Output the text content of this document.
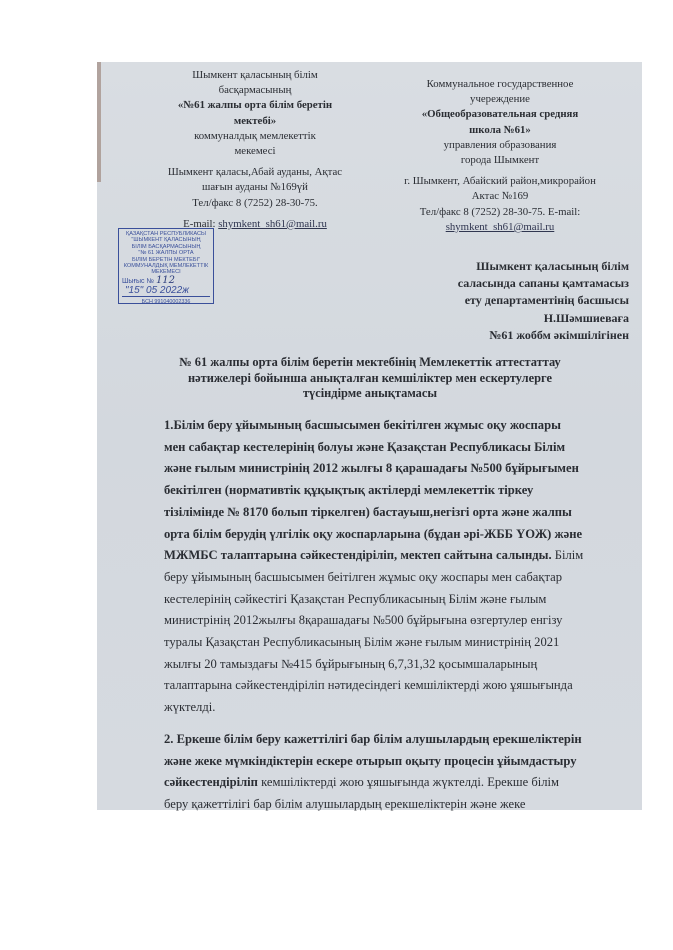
Шымкент қаласының білім
басқармасының
«№61 жалпы орта білім беретін
мектебі»
коммуналдық мемлекеттік
мекемесі
Шымкент қаласы,Абай ауданы, Ақтас
шағын ауданы №169үй
Тел/факс 8 (7252) 28-30-75.
E-mail: shymkent_sh61@mail.ru
Коммунальное государственное
учереждение
«Общеобразовательная средняя
школа №61»
управления образования
города Шымкент
г. Шымкент, Абайский район,микрорайон
Актас №169
Тел/факс 8 (7252) 28-30-75. E-mail:
shymkent_sh61@mail.ru
ҚАЗАҚСТАН РЕСПУБЛИКАСЫ
"ШЫМКЕНТ ҚАЛАСЫНЫҢ
БІЛІМ БАСҚАРМАСЫНЫҢ
"№ 61 ЖАЛПЫ ОРТА
БІЛІМ БЕРЕТІН МЕКТЕБІ"
КОММУНАЛДЫҚ МЕМЛЕКЕТТІК
МЕКЕМЕСІ
Шығыс № 112
"15" 05 2022ж
БСН 991040002336
Шымкент қаласының білім
саласында сапаны қамтамасыз
ету департаментінің басшысы
Н.Шәмшиеваға
№61 жоббм әкімшілігінен
№ 61 жалпы орта білім беретін мектебінің Мемлекеттік аттестаттау
нәтижелері бойынша анықталған кемшіліктер мен ескертулерге
түсіндірме анықтамасы
1.Білім беру ұйымының басшысымен бекітілген жұмыс оқу жоспары
мен сабақтар кестелерінің болуы және Қазақстан Республикасы Білім
және ғылым министрінің 2012 жылғы 8 қарашадағы №500 бұйрығымен
бекітілген (нормативтік құқықтық актілерді мемлекеттік тіркеу
тізілімінде № 8170 болып тіркелген) бастауыш,негізгі орта және жалпы
орта білім берудің үлгілік оқу жоспарларына (бұдан әрі-ЖББ ҮОЖ) және
МЖМБС талаптарына сәйкестендіріліп, мектеп сайтына салынды. Білім
беру ұйымының басшысымен беітілген жұмыс оқу жоспары мен сабақтар
кестелерінің сәйкестігі Қазақстан Республикасының Білім және ғылым
министрінің 2012жылғы 8қарашадағы №500 бұйрығына өзгертулер енгізу
туралы Қазақстан Республикасының Білім және ғылым министрінің 2021
жылғы 20 тамыздағы №415 бұйрығының 6,7,31,32 қосымшаларының
талаптарына сәйкестендіріліп нәтидесіндегі кемшіліктерді жою ұяшығында
жүктелді.
2. Еркеше білім беру кажеттілігі бар білім алушылардың ерекшеліктерін
және жеке мүмкіндіктерін ескере отырып оқыту процесін ұйымдастыру
сәйкестендіріліп кемшіліктерді жою ұяшығында жүктелді. Ерекше білім
беру қажеттілігі бар білім алушылардың ерекшеліктерін және жеке
